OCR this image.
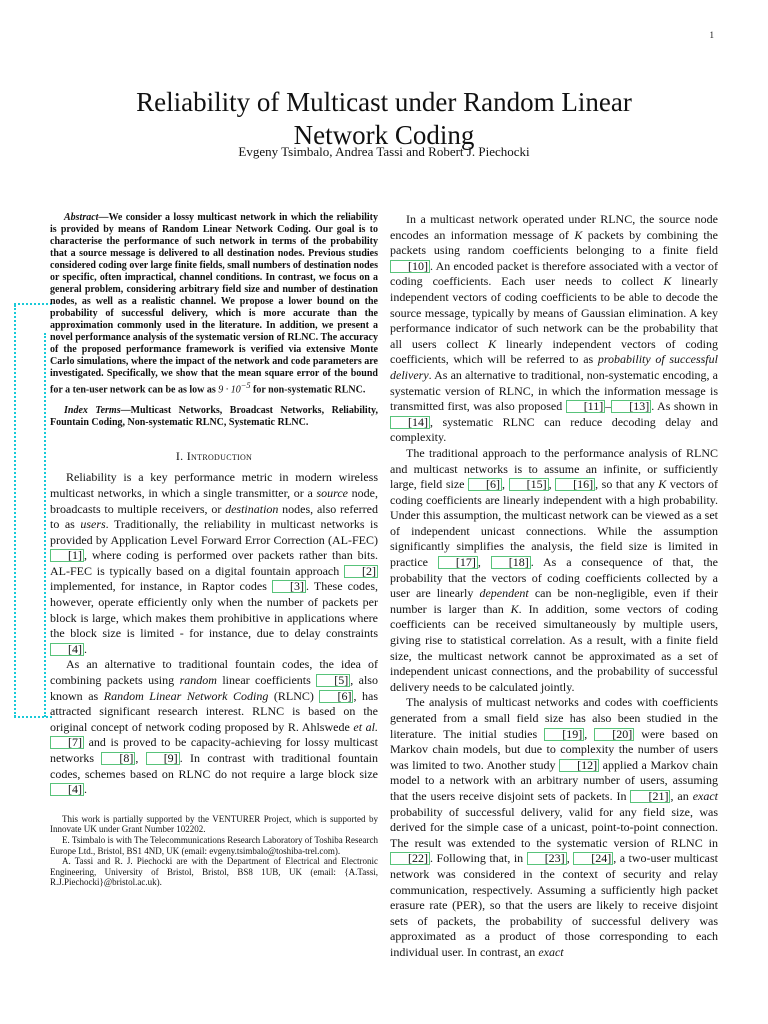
1
Reliability of Multicast under Random Linear
Network Coding
Evgeny Tsimbalo, Andrea Tassi and Robert J. Piechocki

Abstract—We consider a lossy multicast network in which the reliability is provided by means of Random Linear Network Coding. Our goal is to characterise the performance of such network in terms of the probability that a source message is delivered to all destination nodes. Previous studies considered coding over large finite fields, small numbers of destination nodes or specific, often impractical, channel conditions. In contrast, we focus on a general problem, considering arbitrary field size and number of destination nodes, as well as a realistic channel. We propose a lower bound on the probability of successful delivery, which is more accurate than the approximation commonly used in the literature. In addition, we present a novel performance analysis of the systematic version of RLNC. The accuracy of the proposed performance framework is verified via extensive Monte Carlo simulations, where the impact of the network and code parameters are investigated. Specifically, we show that the mean square error of the bound for a ten-user network can be as low as $9 \cdot 10^{-5}$ for non-systematic RLNC.

Index Terms—Multicast Networks, Broadcast Networks, Reliability, Fountain Coding, Non-systematic RLNC, Systematic RLNC.

I. Introduction

Reliability is a key performance metric in modern wireless multicast networks, in which a single transmitter, or a source node, broadcasts to multiple receivers, or destination nodes, also referred to as users. Traditionally, the reliability in multicast networks is provided by Application Level Forward Error Correction (AL-FEC) [1] , where coding is performed over packets rather than bits. AL-FEC is typically based on a digital fountain approach [2] implemented, for instance, in Raptor codes [3] . These codes, however, operate efficiently only when the number of packets per block is large, which makes them prohibitive in applications where the block size is limited - for instance, due to delay constraints [4] .

As an alternative to traditional fountain codes, the idea of combining packets using random linear coefficients [5] , also known as Random Linear Network Coding (RLNC) [6] , has attracted significant research interest. RLNC is based on the original concept of network coding proposed by R. Ahlswede et al. [7] and is proved to be capacity-achieving for lossy multicast networks [8] , [9] . In contrast with traditional fountain codes, schemes based on RLNC do not require a large block size [4] .

This work is partially supported by the VENTURER Project, which is supported by Innovate UK under Grant Number 102202.

E. Tsimbalo is with The Telecommunications Research Laboratory of Toshiba Research Europe Ltd., Bristol, BS1 4ND, UK (email: evgeny.tsimbalo@toshiba-trel.com).

A. Tassi and R. J. Piechocki are with the Department of Electrical and Electronic Engineering, University of Bristol, Bristol, BS8 1UB, UK (email: {A.Tassi, R.J.Piechocki}@bristol.ac.uk).

In a multicast network operated under RLNC, the source node encodes an information message of K packets by combining the packets using random coefficients belonging to a finite field [10] . An encoded packet is therefore associated with a vector of coding coefficients. Each user needs to collect K linearly independent vectors of coding coefficients to be able to decode the source message, typically by means of Gaussian elimination. A key performance indicator of such network can be the probability that all users collect K linearly independent vectors of coding coefficients, which will be referred to as probability of successful delivery. As an alternative to traditional, non-systematic encoding, a systematic version of RLNC, in which the information message is transmitted first, was also proposed [11] – [13] . As shown in [14] , systematic RLNC can reduce decoding delay and complexity.

The traditional approach to the performance analysis of RLNC and multicast networks is to assume an infinite, or sufficiently large, field size [6] , [15] , [16] , so that any K vectors of coding coefficients are linearly independent with a high probability. Under this assumption, the multicast network can be viewed as a set of independent unicast connections. While the assumption significantly simplifies the analysis, the field size is limited in practice [17] , [18] . As a consequence of that, the probability that the vectors of coding coefficients collected by a user are linearly dependent can be non-negligible, even if their number is larger than K. In addition, some vectors of coding coefficients can be received simultaneously by multiple users, giving rise to statistical correlation. As a result, with a finite field size, the multicast network cannot be approximated as a set of independent unicast connections, and the probability of successful delivery needs to be calculated jointly.

The analysis of multicast networks and codes with coefficients generated from a small field size has also been studied in the literature. The initial studies [19] , [20] were based on Markov chain models, but due to complexity the number of users was limited to two. Another study [12] applied a Markov chain model to a network with an arbitrary number of users, assuming that the users receive disjoint sets of packets. In [21] , an exact probability of successful delivery, valid for any field size, was derived for the simple case of a unicast, point-to-point connection. The result was extended to the systematic version of RLNC in [22] . Following that, in [23] , [24] , a two-user multicast network was considered in the context of security and relay communication, respectively. Assuming a sufficiently high packet erasure rate (PER), so that the users are likely to receive disjoint sets of packets, the probability of successful delivery was approximated as a product of those corresponding to each individual user. In contrast, an exact
